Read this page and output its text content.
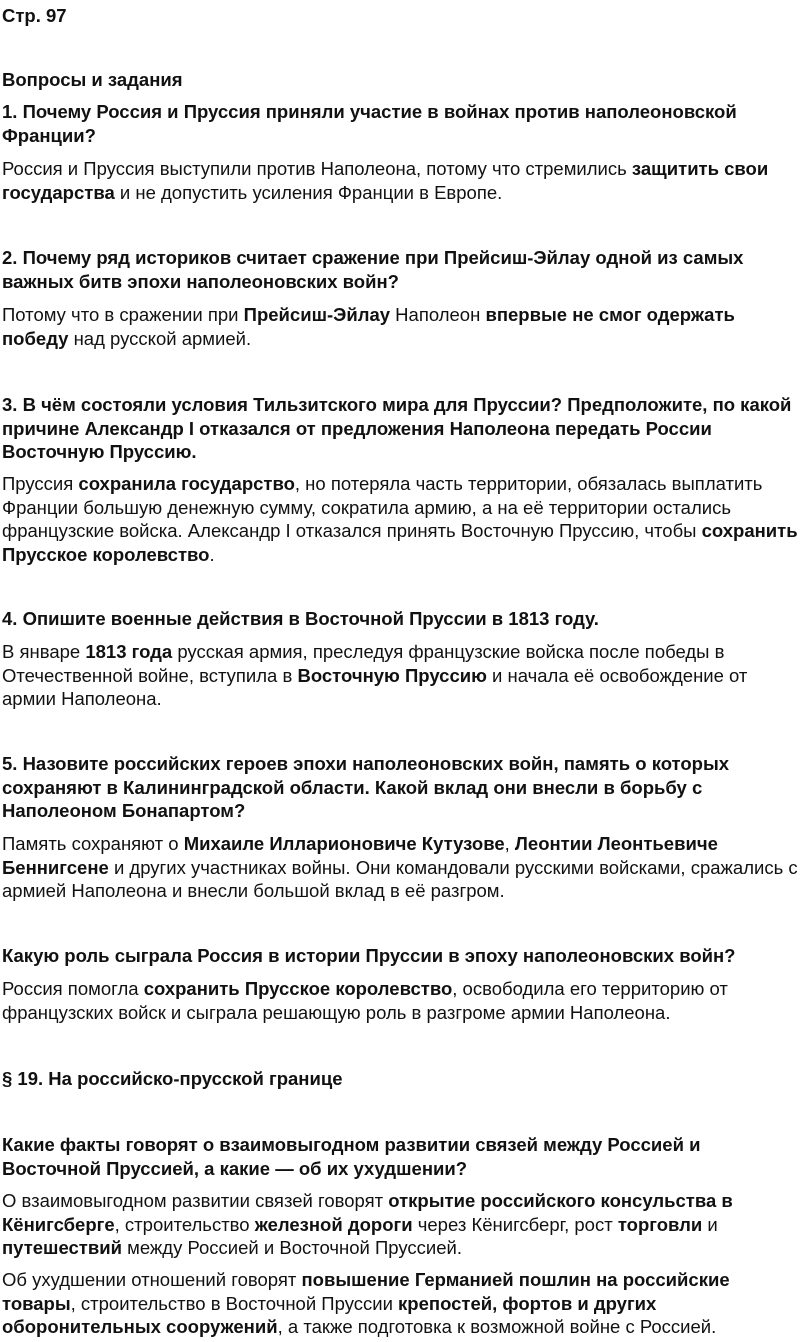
Стр. 97
Вопросы и задания
1. Почему Россия и Пруссия приняли участие в войнах против наполеоновской Франции?

Россия и Пруссия выступили против Наполеона, потому что стремились защитить свои государства и не допустить усиления Франции в Европе.

2. Почему ряд историков считает сражение при Прейсиш-Эйлау одной из самых важных битв эпохи наполеоновских войн?

Потому что в сражении при Прейсиш-Эйлау Наполеон впервые не смог одержать победу над русской армией.

3. В чём состояли условия Тильзитского мира для Пруссии? Предположите, по какой причине Александр I отказался от предложения Наполеона передать России Восточную Пруссию.

Пруссия сохранила государство, но потеряла часть территории, обязалась выплатить Франции большую денежную сумму, сократила армию, а на её территории остались французские войска. Александр I отказался принять Восточную Пруссию, чтобы сохранить Прусское королевство.

4. Опишите военные действия в Восточной Пруссии в 1813 году.

В январе 1813 года русская армия, преследуя французские войска после победы в Отечественной войне, вступила в Восточную Пруссию и начала её освобождение от армии Наполеона.

5. Назовите российских героев эпохи наполеоновских войн, память о которых сохраняют в Калининградской области. Какой вклад они внесли в борьбу с Наполеоном Бонапартом?

Память сохраняют о Михаиле Илларионовиче Кутузове, Леонтии Леонтьевиче Беннигсене и других участниках войны. Они командовали русскими войсками, сражались с армией Наполеона и внесли большой вклад в её разгром.

Какую роль сыграла Россия в истории Пруссии в эпоху наполеоновских войн?

Россия помогла сохранить Прусское королевство, освободила его территорию от французских войск и сыграла решающую роль в разгроме армии Наполеона.

§ 19. На российско-прусской границе
Какие факты говорят о взаимовыгодном развитии связей между Россией и Восточной Пруссией, а какие — об их ухудшении?

О взаимовыгодном развитии связей говорят открытие российского консульства в Кёнигсберге, строительство железной дороги через Кёнигсберг, рост торговли и путешествий между Россией и Восточной Пруссией.

Об ухудшении отношений говорят повышение Германией пошлин на российские товары, строительство в Восточной Пруссии крепостей, фортов и других оборонительных сооружений, а также подготовка к возможной войне с Россией.
